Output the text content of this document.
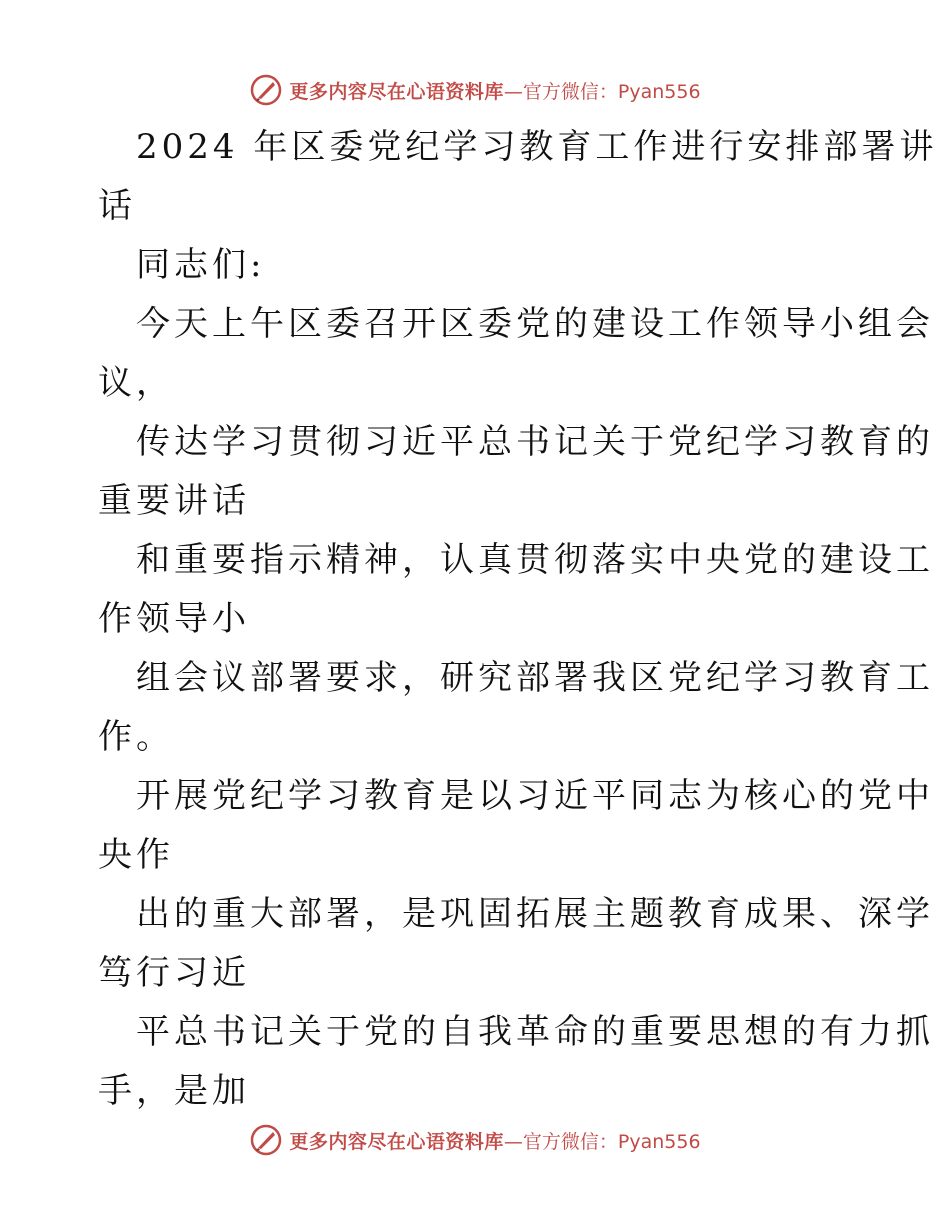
更多内容尽在心语资料库 —官方微信：Pyan556
2024 年区委党纪学习教育工作进行安排部署讲
话
同志们:
今天上午区委召开区委党的建设工作领导小组会
议，
传达学习贯彻习近平总书记关于党纪学习教育的
重要讲话
和重要指示精神，认真贯彻落实中央党的建设工
作领导小
组会议部署要求，研究部署我区党纪学习教育工
作。
开展党纪学习教育是以习近平同志为核心的党中
央作
出的重大部署，是巩固拓展主题教育成果、深学
笃行习近
平总书记关于党的自我革命的重要思想的有力抓
手，是加
更多内容尽在心语资料库 —官方微信：Pyan556
